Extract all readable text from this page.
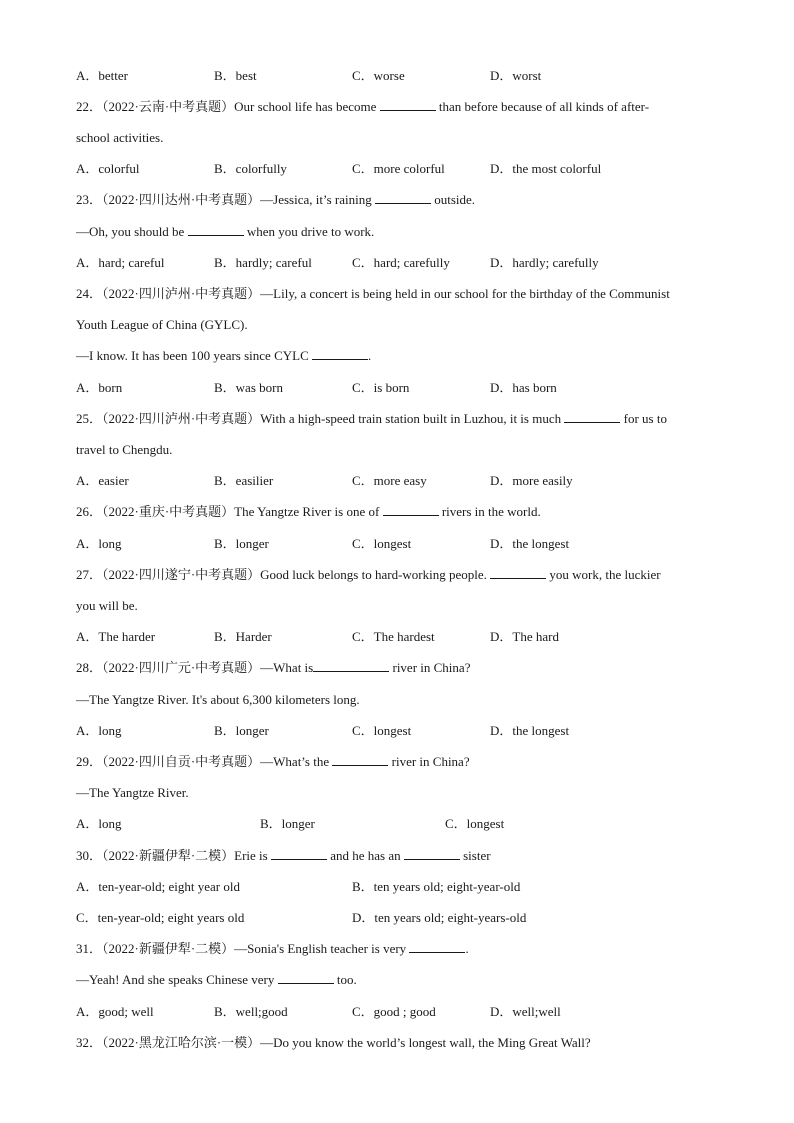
A．better	B．best	C．worse	D．worst
22．（2022·云南·中考真题）Our school life has become	than before because of all kinds of after-
school activities.
A．colorful	B．colorfully	C．more colorful	D．the most colorful
23．（2022·四川达州·中考真题）—Jessica, it’s raining	outside.
—Oh, you should be	when you drive to work.
A．hard; careful	B．hardly; careful	C．hard; carefully	D．hardly; carefully
24．（2022·四川泸州·中考真题）—Lily, a concert is being held in our school for the birthday of the Communist
Youth League of China (GYLC).
—I know. It has been 100 years since CYLC	.
A．born	B．was born	C．is born	D．has born
25．（2022·四川泸州·中考真题）With a high-speed train station built in Luzhou, it is much	for us to
travel to Chengdu.
A．easier	B．easilier	C．more easy	D．more easily
26．（2022·重庆·中考真题）The Yangtze River is one of	rivers in the world.
A．long	B．longer	C．longest	D．the longest
27．（2022·四川遂宁·中考真题）Good luck belongs to hard-working people.	you work, the luckier
you will be.
A．The harder	B．Harder	C．The hardest	D．The hard
28．（2022·四川广元·中考真题）—What is	river in China?
—The Yangtze River. It's about 6,300 kilometers long.
A．long	B．longer	C．longest	D．the longest
29．（2022·四川自贡·中考真题）—What’s the	river in China?
—The Yangtze River.
A．long	B．longer	C．longest
30．（2022·新疆伊犁·二模）Erie is	and he has an	sister
A．ten-year-old; eight year old	B．ten years old; eight-year-old
C．ten-year-old; eight years old	D．ten years old; eight-years-old
31．（2022·新疆伊犁·二模）—Sonia's English teacher is very	.
—Yeah! And she speaks Chinese very	too.
A．good; well	B．well;good	C．good ; good	D．well;well
32．（2022·黑龙江哈尔滨·一模）—Do you know the world’s longest wall, the Ming Great Wall?
